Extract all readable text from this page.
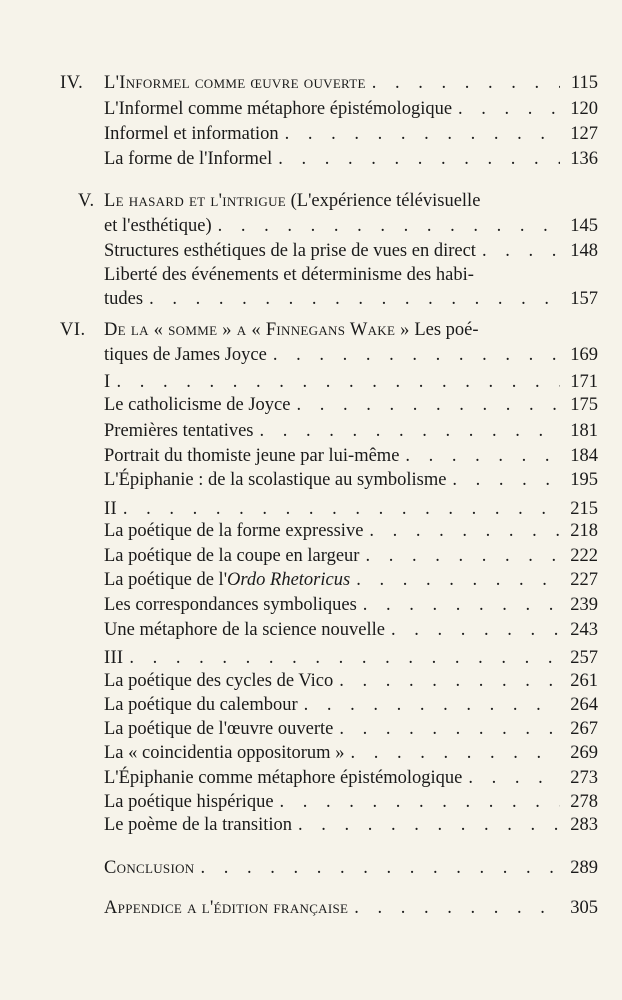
IV. L'Informel comme œuvre ouverte . . .	115
L'Informel comme métaphore épistémologique . . .	120
Informel et information . . .	127
La forme de l'Informel . . .	136
V. Le hasard et l'intrigue (L'expérience télévisuelle
et l'esthétique) . . .	145
Structures esthétiques de la prise de vues en direct . . .	148
Liberté des événements et déterminisme des habi-
tudes . . .	157
VI. De la « somme » a « Finnegans Wake » Les poé-
tiques de James Joyce . . .	169
I . . .	171
Le catholicisme de Joyce . . .	175
Premières tentatives . . .	181
Portrait du thomiste jeune par lui-même . . .	184
L'Épiphanie : de la scolastique au symbolisme . . .	195
II . . .	215
La poétique de la forme expressive . . .	218
La poétique de la coupe en largeur . . .	222
La poétique de l'Ordo Rhetoricus . . .	227
Les correspondances symboliques . . .	239
Une métaphore de la science nouvelle . . .	243
III . . .	257
La poétique des cycles de Vico . . .	261
La poétique du calembour . . .	264
La poétique de l'œuvre ouverte . . .	267
La « coincidentia oppositorum » . . .	269
L'Épiphanie comme métaphore épistémologique . . .	273
La poétique hispérique . . .	278
Le poème de la transition . . .	283
Conclusion . . .	289
Appendice a l'édition française . . .	305
